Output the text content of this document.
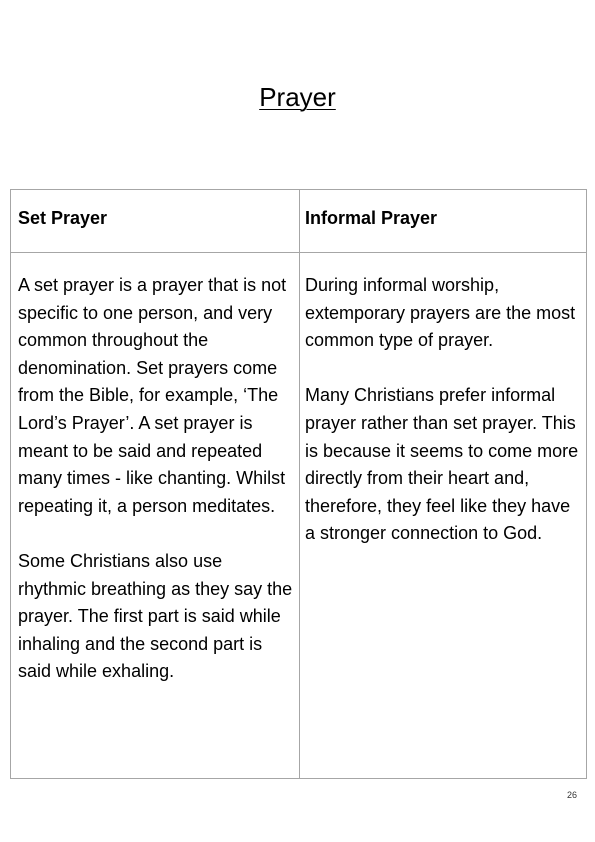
Prayer
Set Prayer	Informal Prayer

A set prayer is a prayer that is not specific to one person, and very common throughout the denomination. Set prayers come from the Bible, for example, ‘The Lord’s Prayer’. A set prayer is meant to be said and repeated many times - like chanting. Whilst repeating it, a person meditates.

Some Christians also use rhythmic breathing as they say the prayer. The first part is said while inhaling and the second part is said while exhaling.

During informal worship, extemporary prayers are the most common type of prayer.

Many Christians prefer informal prayer rather than set prayer. This is because it seems to come more directly from their heart and, therefore, they feel like they have a stronger connection to God.

26
